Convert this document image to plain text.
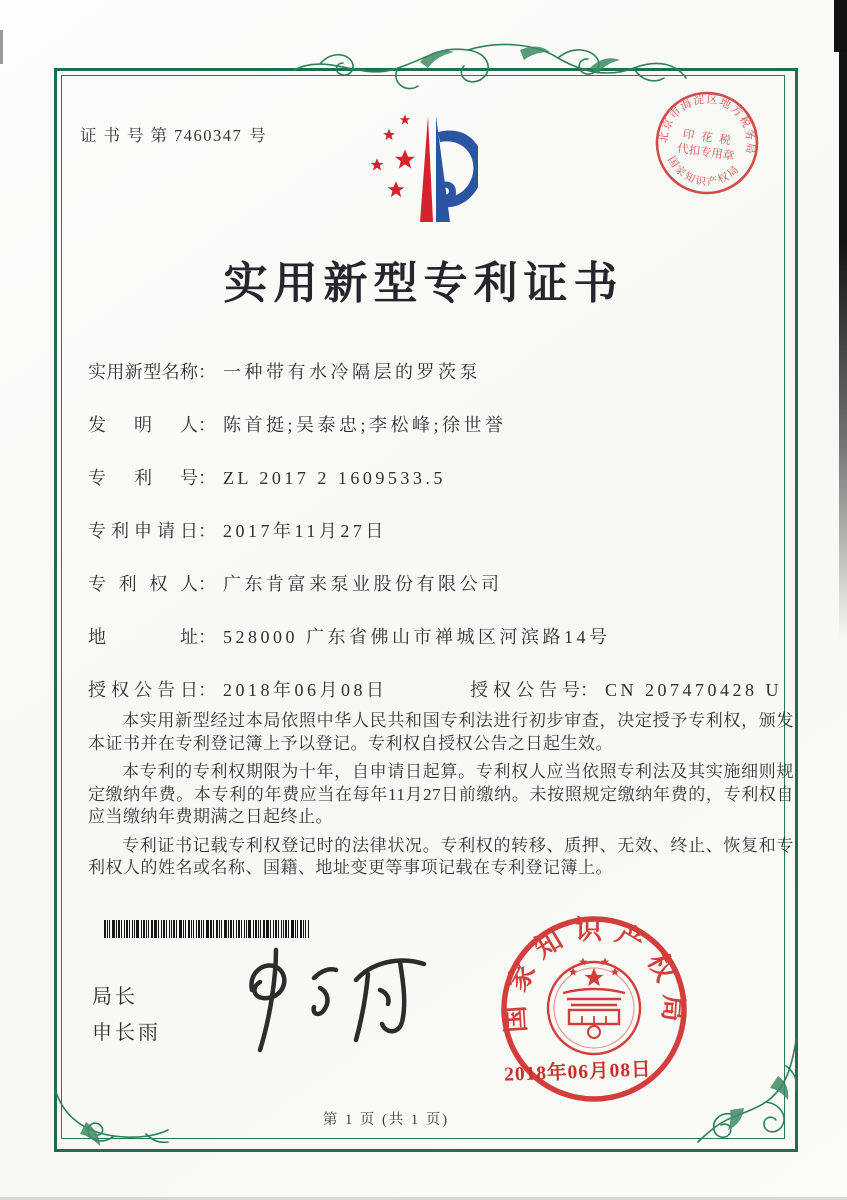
证书号第7460347 号	北京市海淀区地方税务局
印 花 税
代扣专用章
国家知识产权局
实用新型专利证书
实用新型名称： 一种带有水冷隔层的罗茨泵
发明人： 陈首挺;吴泰忠;李松峰;徐世誉
专利号： ZL 2017 2 1609533.5
专利申请日： 2017年11月27日
专利权人： 广东肯富来泵业股份有限公司
地址： 528000 广东省佛山市禅城区河滨路14号
授权公告日： 2018年06月08日	授权公告号： CN 207470428 U

本实用新型经过本局依照中华人民共和国专利法进行初步审查，决定授予专利权，颁发本证书并在专利登记簿上予以登记。专利权自授权公告之日起生效。

本专利的专利权期限为十年，自申请日起算。专利权人应当依照专利法及其实施细则规定缴纳年费。本专利的年费应当在每年11月27日前缴纳。未按照规定缴纳年费的，专利权自应当缴纳年费期满之日起终止。

专利证书记载专利权登记时的法律状况。专利权的转移、质押、无效、终止、恢复和专利权人的姓名或名称、国籍、地址变更等事项记载在专利登记簿上。

局长
申长雨	国家知识产权局
2018年06月08日
第 1 页 (共 1 页)
